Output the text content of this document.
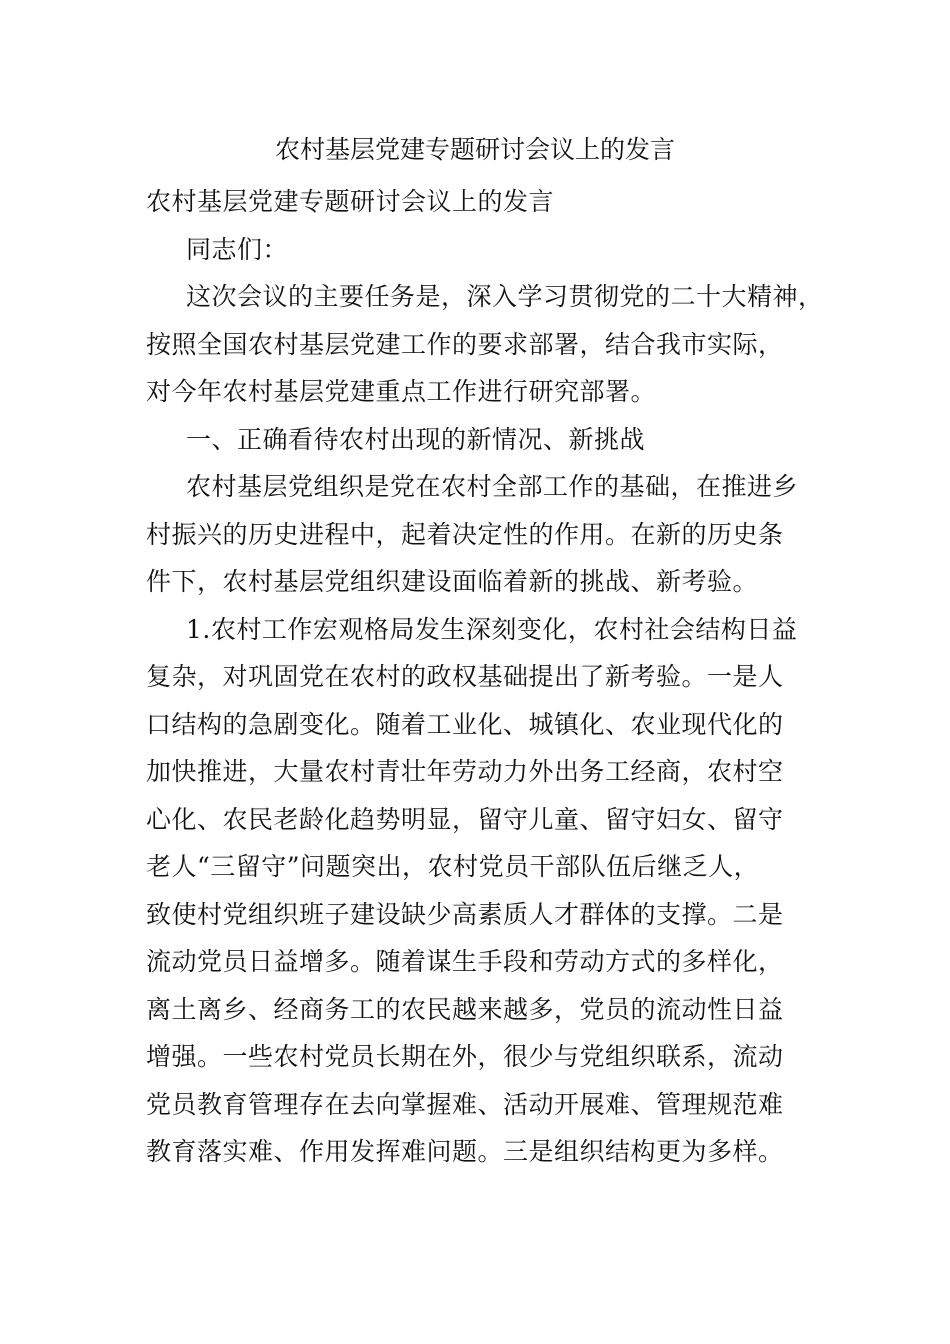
农村基层党建专题研讨会议上的发言
农村基层党建专题研讨会议上的发言
同志们：
这次会议的主要任务是，深入学习贯彻党的二十大精神，
按照全国农村基层党建工作的要求部署，结合我市实际，
对今年农村基层党建重点工作进行研究部署。
一、正确看待农村出现的新情况、新挑战
农村基层党组织是党在农村全部工作的基础，在推进乡
村振兴的历史进程中，起着决定性的作用。在新的历史条
件下，农村基层党组织建设面临着新的挑战、新考验。
1.农村工作宏观格局发生深刻变化，农村社会结构日益
复杂，对巩固党在农村的政权基础提出了新考验。一是人
口结构的急剧变化。随着工业化、城镇化、农业现代化的
加快推进，大量农村青壮年劳动力外出务工经商，农村空
心化、农民老龄化趋势明显，留守儿童、留守妇女、留守
老人“三留守”问题突出，农村党员干部队伍后继乏人，
致使村党组织班子建设缺少高素质人才群体的支撑。二是
流动党员日益增多。随着谋生手段和劳动方式的多样化，
离土离乡、经商务工的农民越来越多，党员的流动性日益
增强。一些农村党员长期在外，很少与党组织联系，流动
党员教育管理存在去向掌握难、活动开展难、管理规范难
教育落实难、作用发挥难问题。三是组织结构更为多样。
